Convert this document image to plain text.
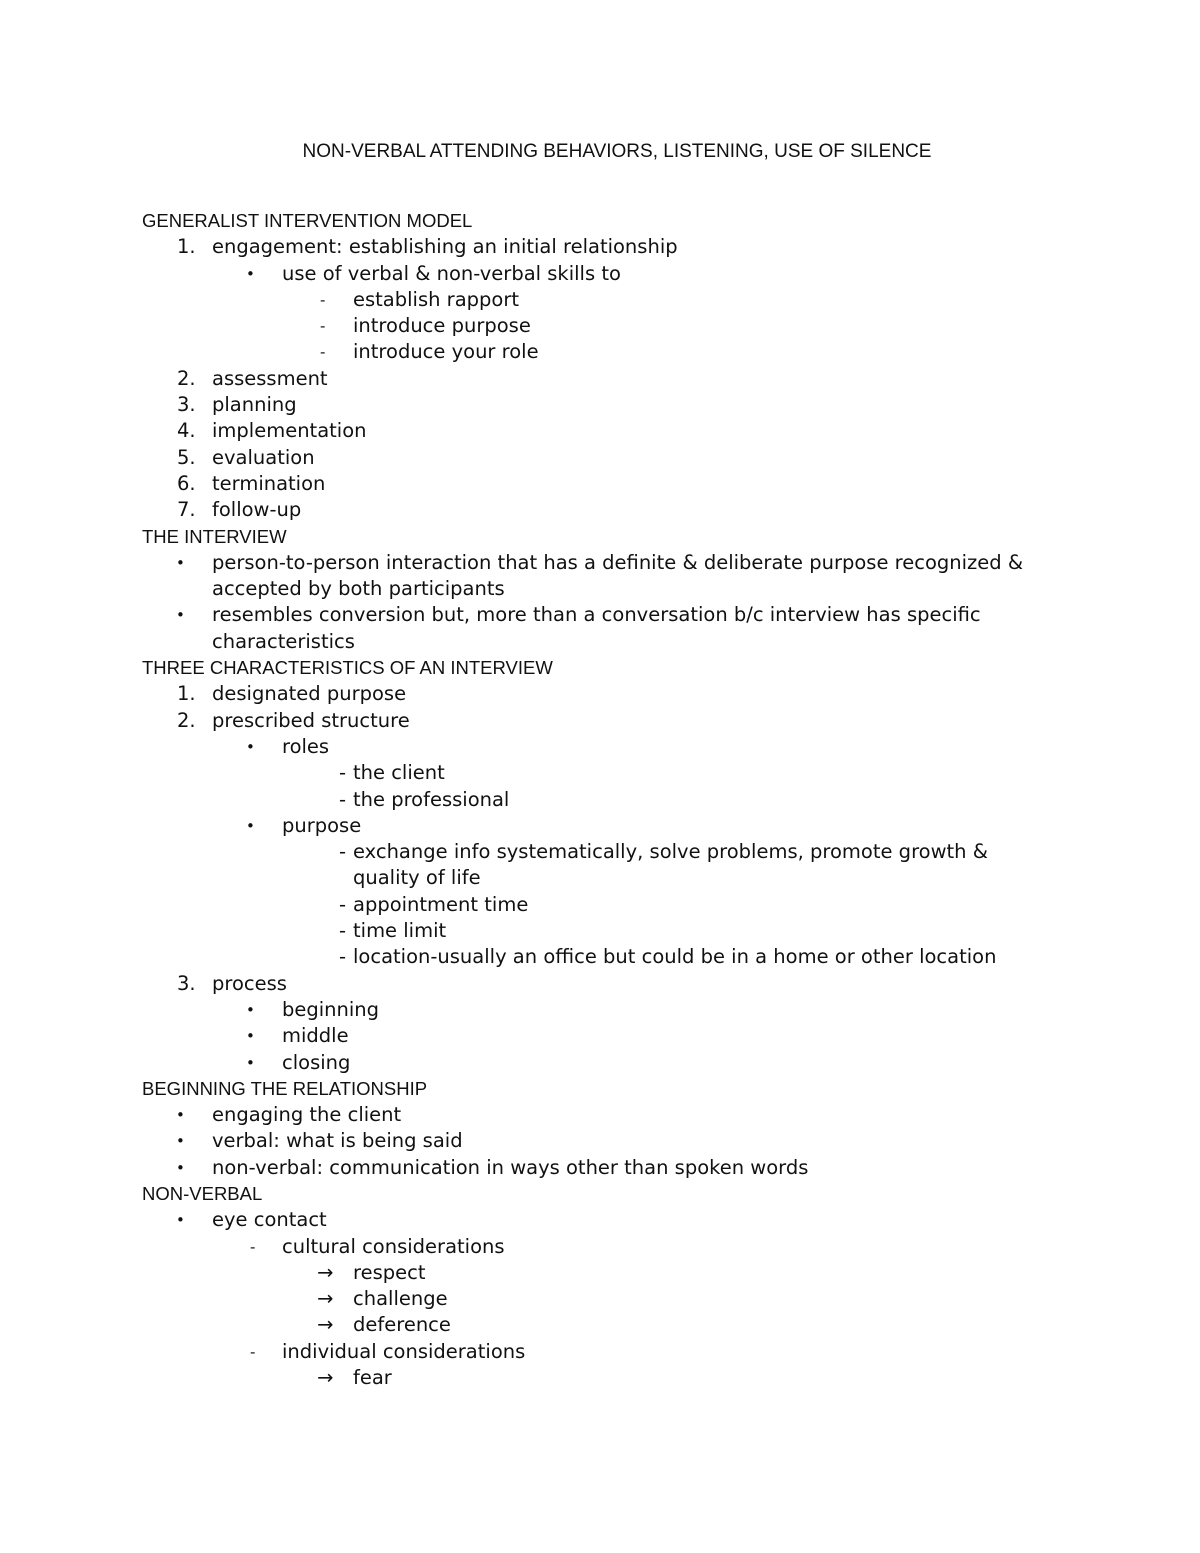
NON-VERBAL ATTENDING BEHAVIORS, LISTENING, USE OF SILENCE
GENERALIST INTERVENTION MODEL
1. engagement: establishing an initial relationship
• use of verbal & non-verbal skills to
- establish rapport
- introduce purpose
- introduce your role
2. assessment
3. planning
4. implementation
5. evaluation
6. termination
7. follow-up
THE INTERVIEW
• person-to-person interaction that has a definite & deliberate purpose recognized &
accepted by both participants
• resembles conversion but, more than a conversation b/c interview has specific
characteristics
THREE CHARACTERISTICS OF AN INTERVIEW
1. designated purpose
2. prescribed structure
• roles
- the client
- the professional
• purpose
- exchange info systematically, solve problems, promote growth &
quality of life
- appointment time
- time limit
- location-usually an office but could be in a home or other location
3. process
• beginning
• middle
• closing
BEGINNING THE RELATIONSHIP
• engaging the client
• verbal: what is being said
• non-verbal: communication in ways other than spoken words
NON-VERBAL
• eye contact
- cultural considerations
→ respect
→ challenge
→ deference
- individual considerations
→ fear
